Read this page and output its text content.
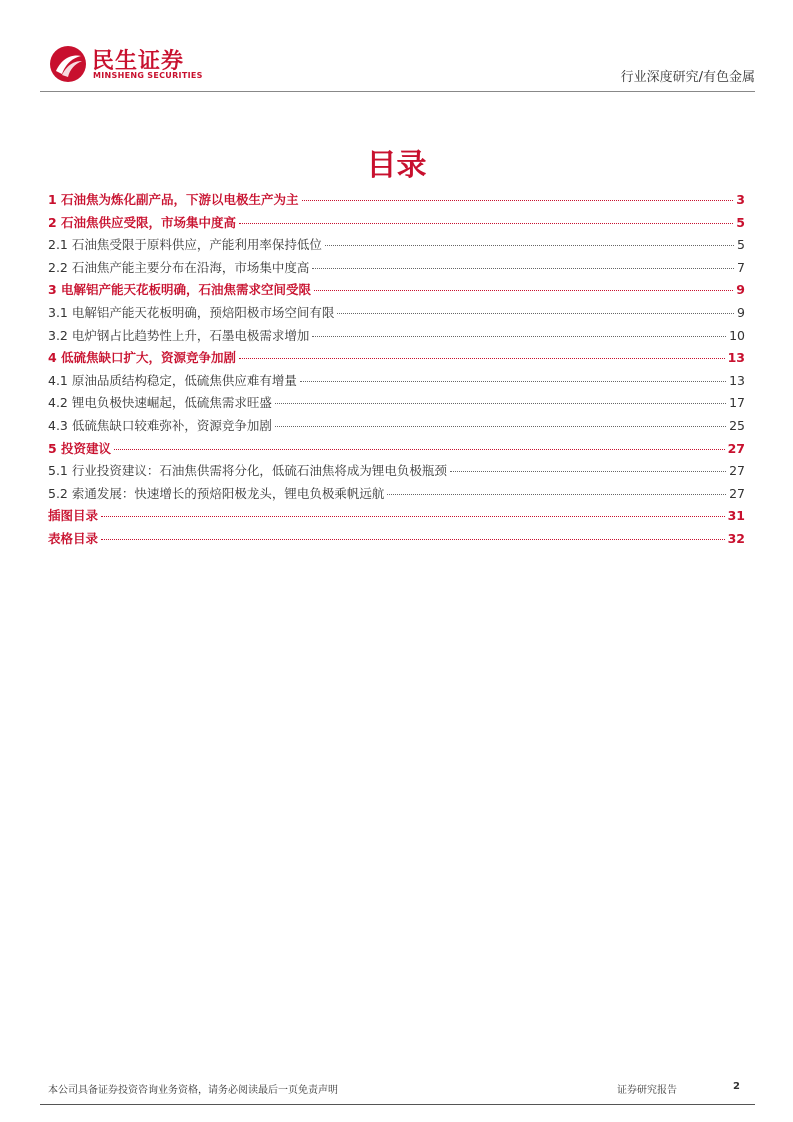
民生证券
MINSHENG SECURITIES	行业深度研究/有色金属
目录
1 石油焦为炼化副产品，下游以电极生产为主	3
2 石油焦供应受限，市场集中度高	5
2.1 石油焦受限于原料供应，产能利用率保持低位	5
2.2 石油焦产能主要分布在沿海，市场集中度高	7
3 电解铝产能天花板明确，石油焦需求空间受限	9
3.1 电解铝产能天花板明确，预焙阳极市场空间有限	9
3.2 电炉钢占比趋势性上升，石墨电极需求增加	10
4 低硫焦缺口扩大，资源竞争加剧	13
4.1 原油品质结构稳定，低硫焦供应难有增量	13
4.2 锂电负极快速崛起，低硫焦需求旺盛	17
4.3 低硫焦缺口较难弥补，资源竞争加剧	25
5 投资建议	27
5.1 行业投资建议：石油焦供需将分化，低硫石油焦将成为锂电负极瓶颈	27
5.2 索通发展：快速增长的预焙阳极龙头，锂电负极乘帆远航	27
插图目录	31
表格目录	32
本公司具备证券投资咨询业务资格，请务必阅读最后一页免责声明	证券研究报告	2
